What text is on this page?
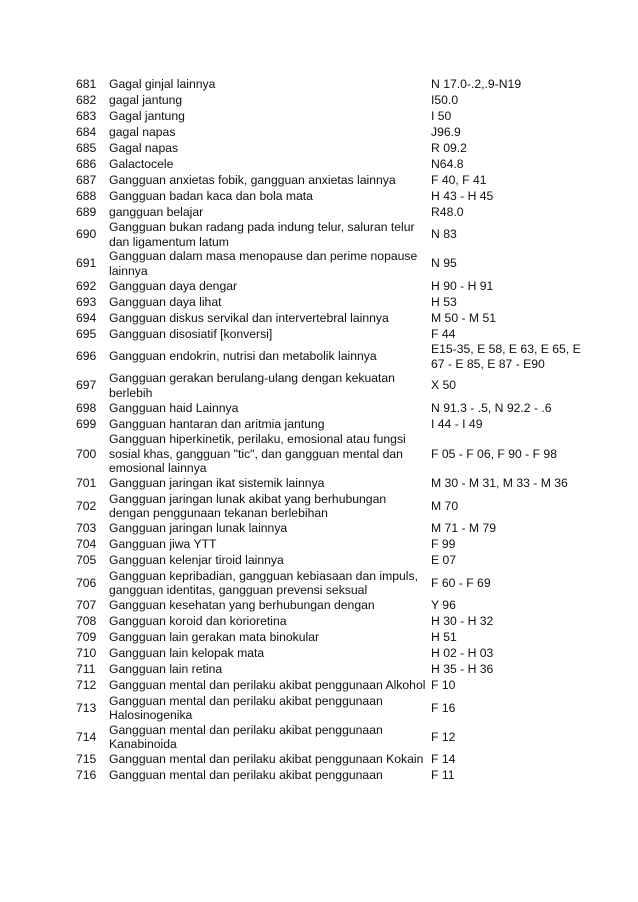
681	Gagal ginjal lainnya	N 17.0-.2,.9-N19
682	gagal jantung	I50.0
683	Gagal jantung	I 50
684	gagal napas	J96.9
685	Gagal napas	R 09.2
686	Galactocele	N64.8
687	Gangguan anxietas fobik, gangguan anxietas lainnya	F 40, F 41
688	Gangguan badan kaca dan bola mata	H 43 - H 45
689	gangguan belajar	R48.0
690	Gangguan bukan radang pada indung telur, saluran telur dan ligamentum latum	N 83
691	Gangguan dalam masa menopause dan perime nopause lainnya	N 95
692	Gangguan daya dengar	H 90 - H 91
693	Gangguan daya lihat	H 53
694	Gangguan diskus servikal dan intervertebral lainnya	M 50 - M 51
695	Gangguan disosiatif [konversi]	F 44
696	Gangguan endokrin, nutrisi dan metabolik lainnya	E15-35, E 58, E 63, E 65, E 67 - E 85, E 87 - E90
697	Gangguan gerakan berulang-ulang dengan kekuatan berlebih	X 50
698	Gangguan haid Lainnya	N 91.3 - .5, N 92.2 - .6
699	Gangguan hantaran dan aritmia jantung	I 44 - I 49
700	Gangguan hiperkinetik, perilaku, emosional atau fungsi sosial khas, gangguan "tic", dan gangguan mental dan emosional lainnya	F 05 - F 06, F 90 - F 98
701	Gangguan jaringan ikat sistemik lainnya	M 30 - M 31, M 33 - M 36
702	Gangguan jaringan lunak akibat yang berhubungan dengan penggunaan tekanan berlebihan	M 70
703	Gangguan jaringan lunak lainnya	M 71 - M 79
704	Gangguan jiwa YTT	F 99
705	Gangguan kelenjar tiroid lainnya	E 07
706	Gangguan kepribadian, gangguan kebiasaan dan impuls, gangguan identitas, gangguan prevensi seksual	F 60 - F 69
707	Gangguan kesehatan yang berhubungan dengan	Y 96
708	Gangguan koroid dan korioretina	H 30 - H 32
709	Gangguan lain gerakan mata binokular	H 51
710	Gangguan lain kelopak mata	H 02 - H 03
711	Gangguan lain retina	H 35 - H 36
712	Gangguan mental dan perilaku akibat penggunaan Alkohol	F 10
713	Gangguan mental dan perilaku akibat penggunaan Halosinogenika	F 16
714	Gangguan mental dan perilaku akibat penggunaan Kanabinoida	F 12
715	Gangguan mental dan perilaku akibat penggunaan Kokain	F 14
716	Gangguan mental dan perilaku akibat penggunaan	F 11
